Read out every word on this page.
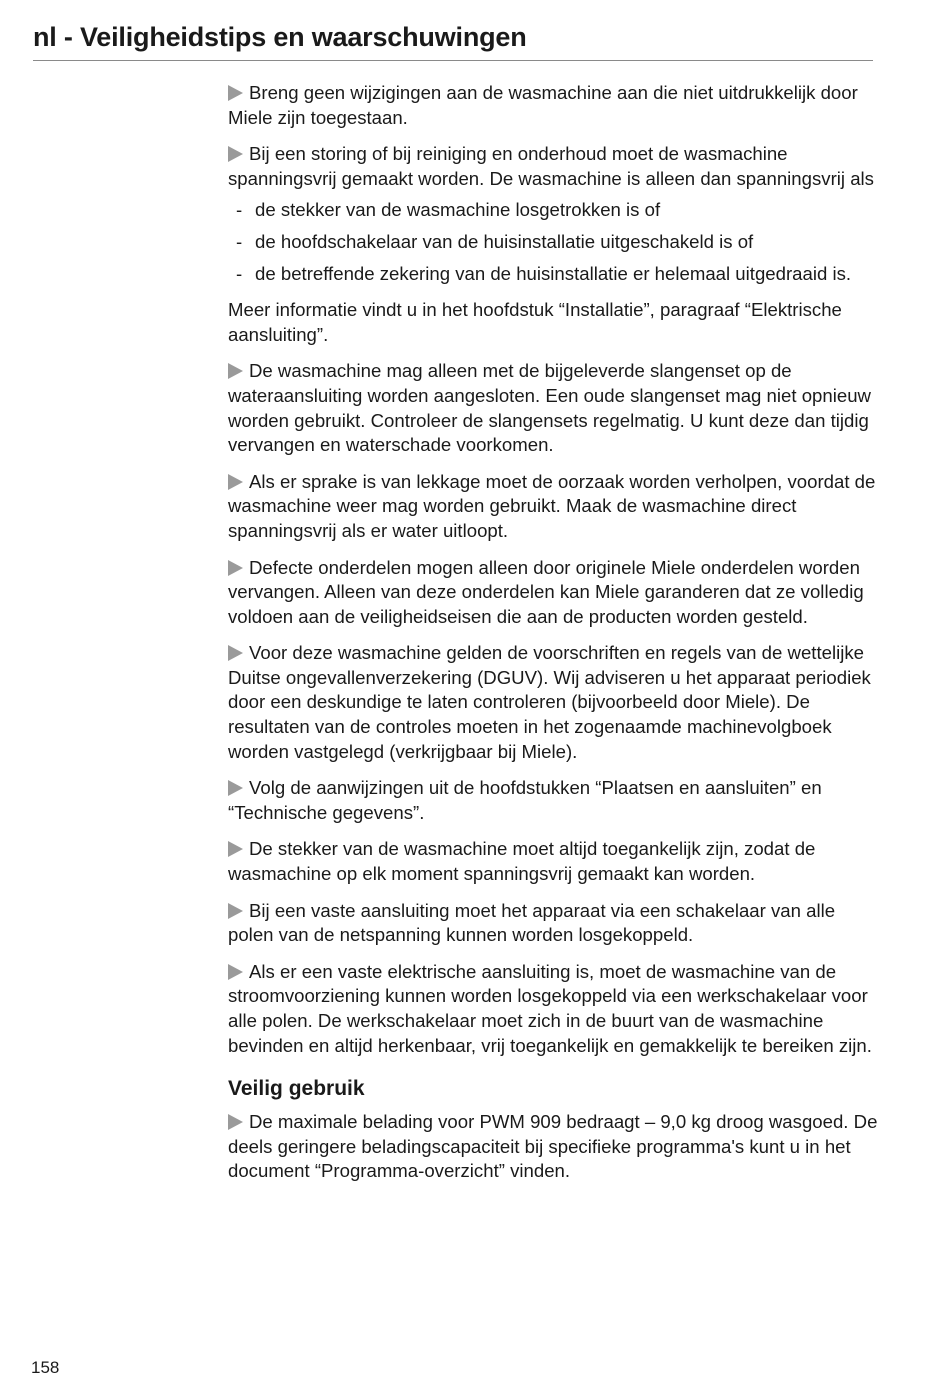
nl - Veiligheidstips en waarschuwingen

Breng geen wijzigingen aan de wasmachine aan die niet uitdrukkelijk door Miele zijn toegestaan.

Bij een storing of bij reiniging en onderhoud moet de wasmachine spanningsvrij gemaakt worden. De wasmachine is alleen dan spanningsvrij als

- de stekker van de wasmachine losgetrokken is of
- de hoofdschakelaar van de huisinstallatie uitgeschakeld is of
- de betreffende zekering van de huisinstallatie er helemaal uitgedraaid is.

Meer informatie vindt u in het hoofdstuk “Installatie”, paragraaf “Elektrische aansluiting”.

De wasmachine mag alleen met de bijgeleverde slangenset op de wateraansluiting worden aangesloten. Een oude slangenset mag niet opnieuw worden gebruikt. Controleer de slangensets regelmatig. U kunt deze dan tijdig vervangen en waterschade voorkomen.

Als er sprake is van lekkage moet de oorzaak worden verholpen, voordat de wasmachine weer mag worden gebruikt. Maak de wasmachine direct spanningsvrij als er water uitloopt.

Defecte onderdelen mogen alleen door originele Miele onderdelen worden vervangen. Alleen van deze onderdelen kan Miele garanderen dat ze volledig voldoen aan de veiligheidseisen die aan de producten worden gesteld.

Voor deze wasmachine gelden de voorschriften en regels van de wettelijke Duitse ongevallenverzekering (DGUV). Wij adviseren u het apparaat periodiek door een deskundige te laten controleren (bijvoorbeeld door Miele). De resultaten van de controles moeten in het zogenaamde machinevolgboek worden vastgelegd (verkrijgbaar bij Miele).

Volg de aanwijzingen uit de hoofdstukken “Plaatsen en aansluiten” en “Technische gegevens”.

De stekker van de wasmachine moet altijd toegankelijk zijn, zodat de wasmachine op elk moment spanningsvrij gemaakt kan worden.

Bij een vaste aansluiting moet het apparaat via een schakelaar van alle polen van de netspanning kunnen worden losgekoppeld.

Als er een vaste elektrische aansluiting is, moet de wasmachine van de stroomvoorziening kunnen worden losgekoppeld via een werkschakelaar voor alle polen. De werkschakelaar moet zich in de buurt van de wasmachine bevinden en altijd herkenbaar, vrij toegankelijk en gemakkelijk te bereiken zijn.

Veilig gebruik

De maximale belading voor PWM 909 bedraagt – 9,0 kg droog wasgoed. De deels geringere beladingscapaciteit bij specifieke programma's kunt u in het document “Programma-overzicht” vinden.

158
